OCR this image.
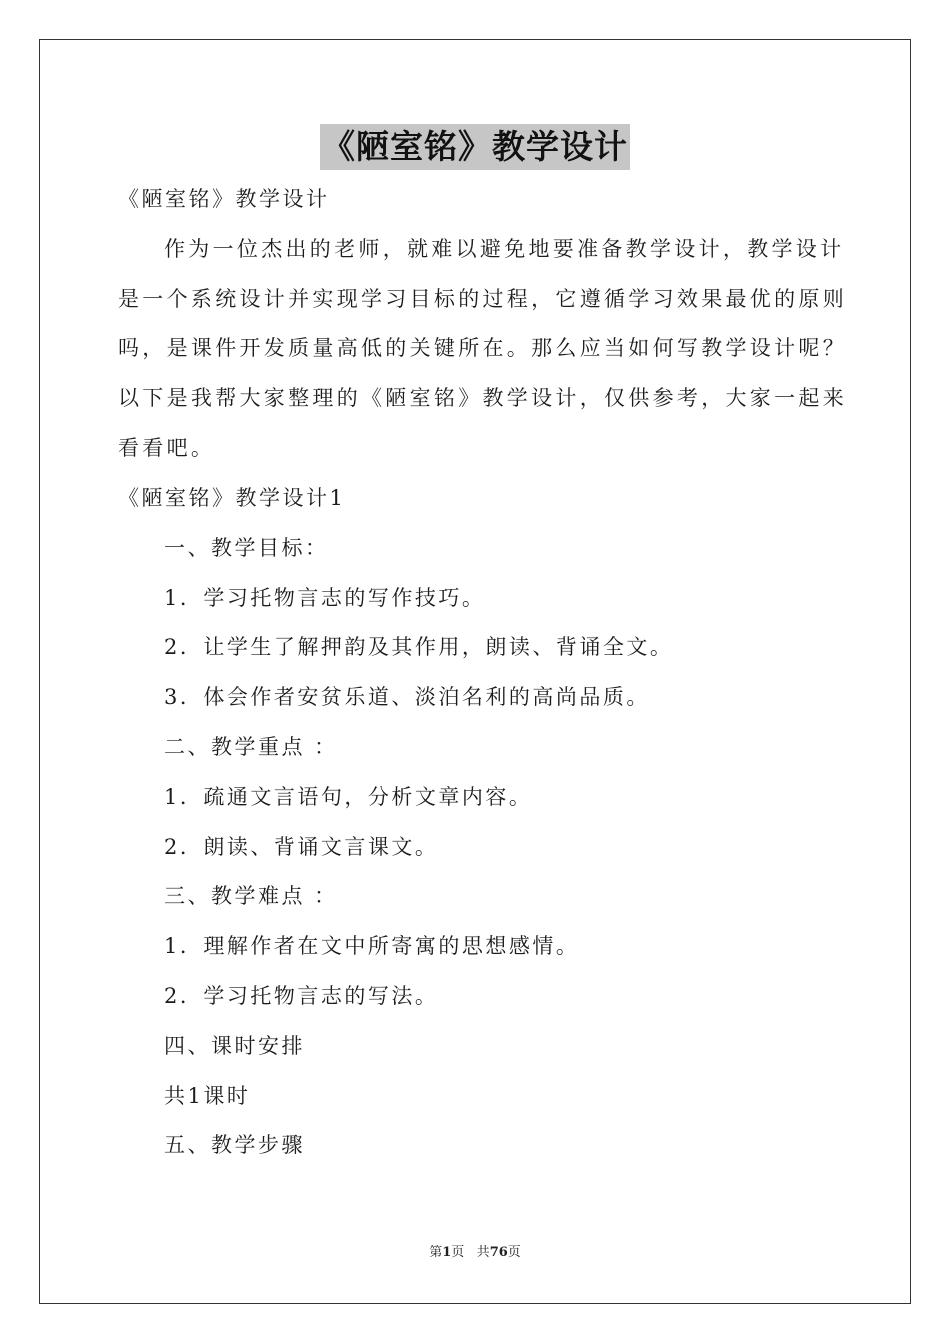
《陋室铭》教学设计
《陋室铭》教学设计
作为一位杰出的老师，就难以避免地要准备教学设计，教学设计
是一个系统设计并实现学习目标的过程，它遵循学习效果最优的原则
吗，是课件开发质量高低的关键所在。那么应当如何写教学设计呢？
以下是我帮大家整理的《陋室铭》教学设计，仅供参考，大家一起来
看看吧。
《陋室铭》教学设计1
一、教学目标：
1．学习托物言志的写作技巧。
2．让学生了解押韵及其作用，朗读、背诵全文。
3．体会作者安贫乐道、淡泊名利的高尚品质。
二、教学重点 ：
1．疏通文言语句，分析文章内容。
2．朗读、背诵文言课文。
三、教学难点 ：
1．理解作者在文中所寄寓的思想感情。
2．学习托物言志的写法。
四、课时安排
共1课时
五、教学步骤
第1页 共76页
